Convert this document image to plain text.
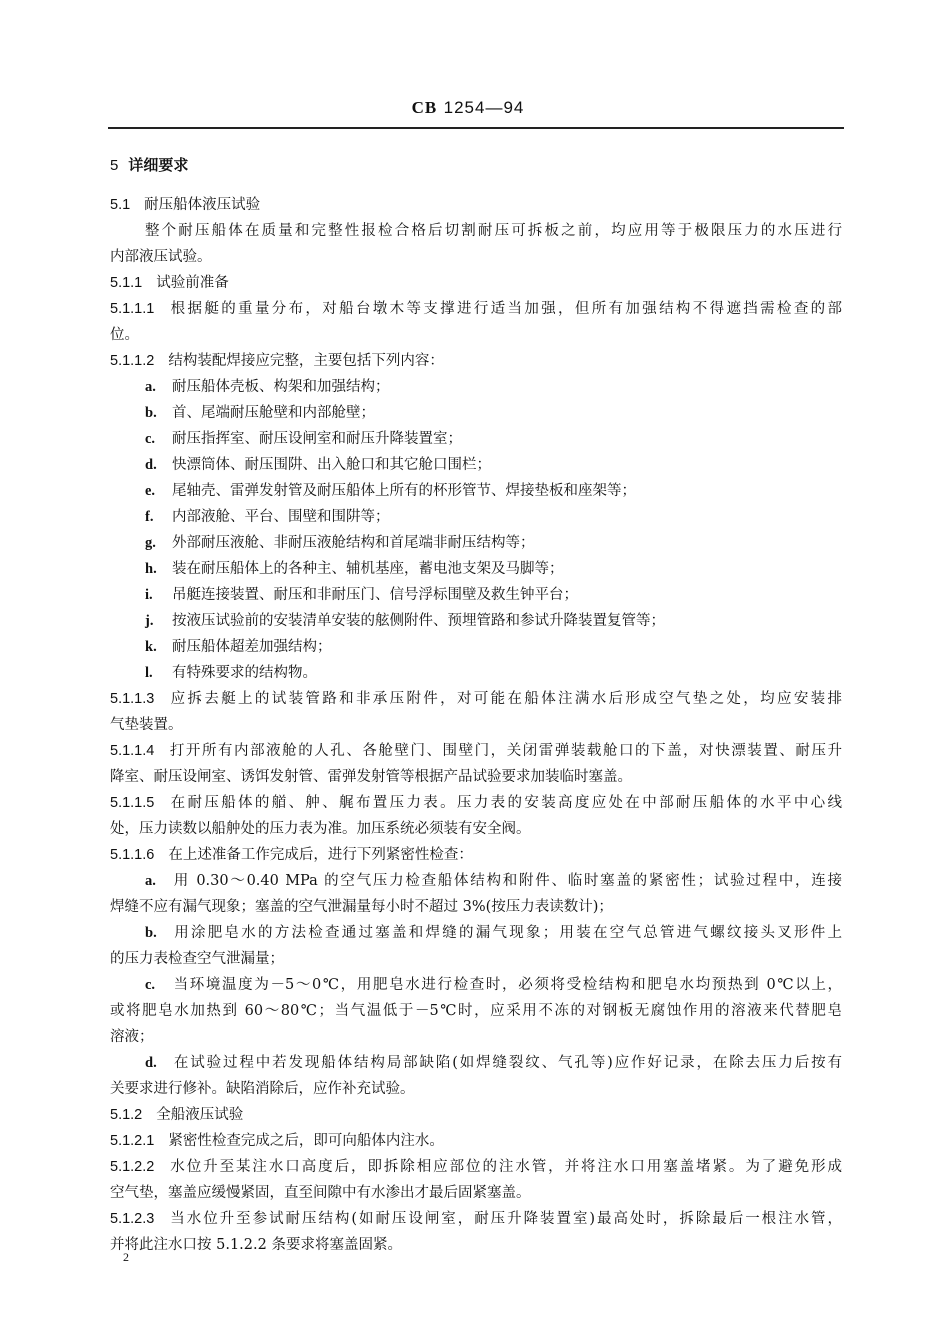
CB 1254—94
5 详细要求
5.1 耐压船体液压试验
整个耐压船体在质量和完整性报检合格后切割耐压可拆板之前，均应用等于极限压力的水压进行
内部液压试验。
5.1.1 试验前准备
5.1.1.1 根据艇的重量分布，对船台墩木等支撑进行适当加强，但所有加强结构不得遮挡需检查的部
位。
5.1.1.2 结构装配焊接应完整，主要包括下列内容：
a. 耐压船体壳板、构架和加强结构；
b. 首、尾端耐压舱壁和内部舱壁；
c. 耐压指挥室、耐压设闸室和耐压升降装置室；
d. 快漂筒体、耐压围阱、出入舱口和其它舱口围栏；
e. 尾轴壳、雷弹发射管及耐压船体上所有的杯形管节、焊接垫板和座架等；
f. 内部液舱、平台、围壁和围阱等；
g. 外部耐压液舱、非耐压液舱结构和首尾端非耐压结构等；
h. 装在耐压船体上的各种主、辅机基座，蓄电池支架及马脚等；
i. 吊艇连接装置、耐压和非耐压门、信号浮标围壁及救生钟平台；
j. 按液压试验前的安装清单安装的舷侧附件、预埋管路和参试升降装置复管等；
k. 耐压船体超差加强结构；
l. 有特殊要求的结构物。
5.1.1.3 应拆去艇上的试装管路和非承压附件，对可能在船体注满水后形成空气垫之处，均应安装排
气垫装置。
5.1.1.4 打开所有内部液舱的人孔、各舱壁门、围壁门，关闭雷弹装载舱口的下盖，对快漂装置、耐压升
降室、耐压设闸室、诱饵发射管、雷弹发射管等根据产品试验要求加装临时塞盖。
5.1.1.5 在耐压船体的艏、舯、艉布置压力表。压力表的安装高度应处在中部耐压船体的水平中心线
处，压力读数以船舯处的压力表为准。加压系统必须装有安全阀。
5.1.1.6 在上述准备工作完成后，进行下列紧密性检查：
a. 用 0.30～0.40 MPa 的空气压力检查船体结构和附件、临时塞盖的紧密性；试验过程中，连接
焊缝不应有漏气现象；塞盖的空气泄漏量每小时不超过 3%(按压力表读数计)；
b. 用涂肥皂水的方法检查通过塞盖和焊缝的漏气现象；用装在空气总管进气螺纹接头叉形件上
的压力表检查空气泄漏量；
c. 当环境温度为－5～0℃，用肥皂水进行检查时，必须将受检结构和肥皂水均预热到 0℃以上，
或将肥皂水加热到 60～80℃；当气温低于－5℃时，应采用不冻的对钢板无腐蚀作用的溶液来代替肥皂
溶液；
d. 在试验过程中若发现船体结构局部缺陷(如焊缝裂纹、气孔等)应作好记录，在除去压力后按有
关要求进行修补。缺陷消除后，应作补充试验。
5.1.2 全船液压试验
5.1.2.1 紧密性检查完成之后，即可向船体内注水。
5.1.2.2 水位升至某注水口高度后，即拆除相应部位的注水管，并将注水口用塞盖堵紧。为了避免形成
空气垫，塞盖应缓慢紧固，直至间隙中有水渗出才最后固紧塞盖。
5.1.2.3 当水位升至参试耐压结构(如耐压设闸室，耐压升降装置室)最高处时，拆除最后一根注水管，
并将此注水口按 5.1.2.2 条要求将塞盖固紧。
2
